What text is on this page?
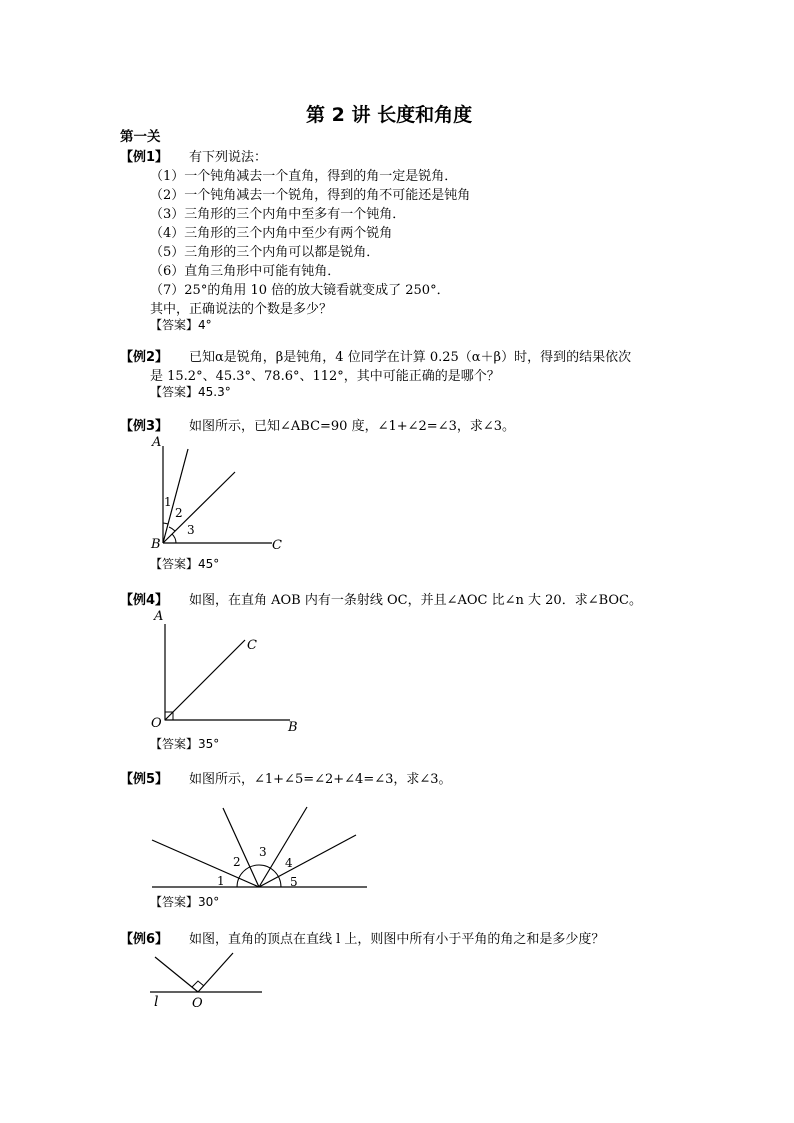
第 2 讲 长度和角度
第一关
【例1】 有下列说法：
（1）一个钝角减去一个直角，得到的角一定是锐角．
（2）一个钝角减去一个锐角，得到的角不可能还是钝角
（3）三角形的三个内角中至多有一个钝角．
（4）三角形的三个内角中至少有两个锐角
（5）三角形的三个内角可以都是锐角．
（6）直角三角形中可能有钝角．
（7）25°的角用 10 倍的放大镜看就变成了 250°．
其中，正确说法的个数是多少？
【答案】4°
【例2】 已知α是锐角，β是钝角，4 位同学在计算 0.25（α＋β）时，得到的结果依次
是 15.2°、45.3°、78.6°、112°，其中可能正确的是哪个？
【答案】45.3°
【例3】 如图所示，已知∠ABC=90 度，∠1+∠2=∠3，求∠3。
A
B	C
1
2
3
【答案】45°
【例4】 如图，在直角 AOB 内有一条射线 OC，并且∠AOC 比∠n 大 20．求∠BOC。
A
O	B
C
【答案】35°
【例5】 如图所示，∠1+∠5=∠2+∠4=∠3，求∠3。
1
2
3
4
5
【答案】30°
【例6】 如图，直角的顶点在直线 l 上，则图中所有小于平角的角之和是多少度？
l	O
